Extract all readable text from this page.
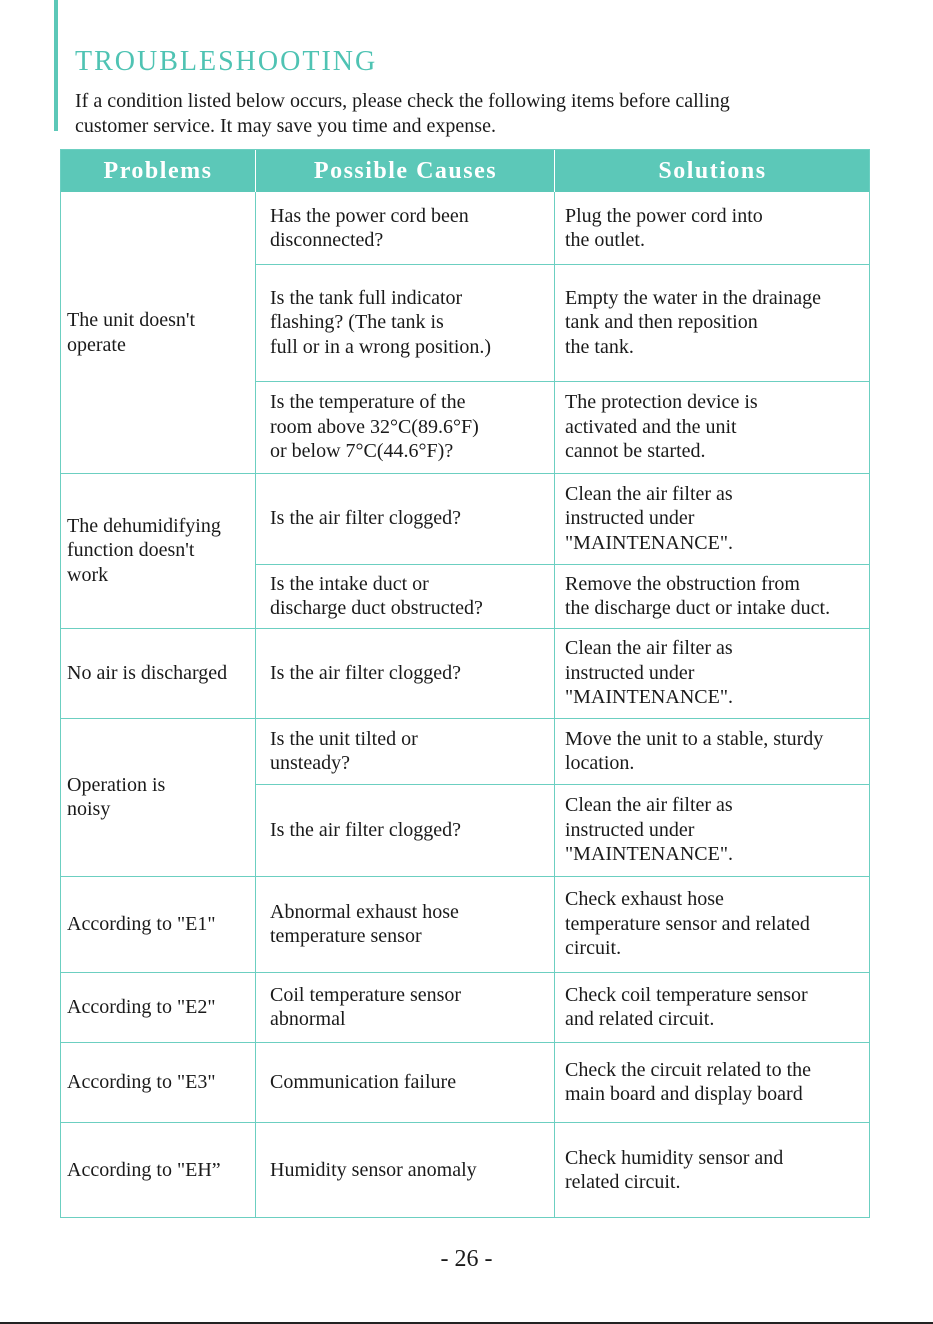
TROUBLESHOOTING

If a condition listed below occurs, please check the following items before calling
customer service. It may save you time and expense.

Problems	Possible Causes	Solutions
The unit doesn't
operate
The dehumidifying
function doesn't
work
No air is discharged
Operation is
noisy
According to "E1"
According to "E2"
According to "E3"
According to "EH”
Has the power cord been
disconnected?
Is the tank full indicator
flashing? (The tank is
full or in a wrong position.)
Is the temperature of the
room above 32°C(89.6°F)
or below 7°C(44.6°F)?
Is the air filter clogged?
Is the intake duct or
discharge duct obstructed?
Is the air filter clogged?
Is the unit tilted or
unsteady?
Is the air filter clogged?
Abnormal exhaust hose
temperature sensor
Coil temperature sensor
abnormal
Communication failure
Humidity sensor anomaly
Plug the power cord into
the outlet.
Empty the water in the drainage
tank and then reposition
the tank.
The protection device is
activated and the unit
cannot be started.
Clean the air filter as
instructed under
"MAINTENANCE".
Remove the obstruction from
the discharge duct or intake duct.
Clean the air filter as
instructed under
"MAINTENANCE".
Move the unit to a stable, sturdy
location.
Clean the air filter as
instructed under
"MAINTENANCE".
Check exhaust hose
temperature sensor and related
circuit.
Check coil temperature sensor
and related circuit.
Check the circuit related to the
main board and display board
Check humidity sensor and
related circuit.
- 26 -
